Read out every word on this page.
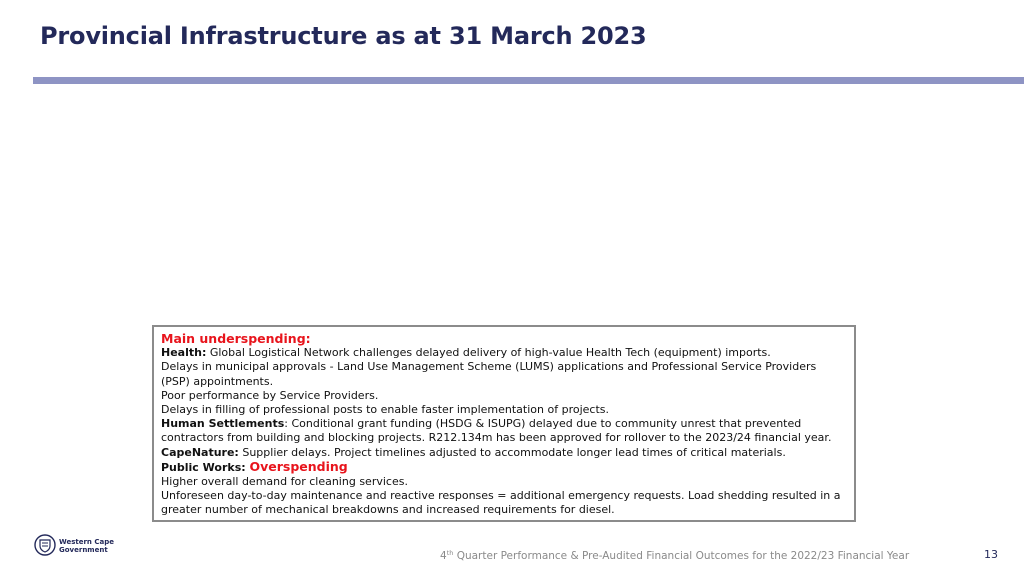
Provincial Infrastructure as at 31 March 2023
Main underspending:
Health: Global Logistical Network challenges delayed delivery of high-value Health Tech (equipment) imports.
Delays in municipal approvals - Land Use Management Scheme (LUMS) applications and Professional Service Providers
(PSP) appointments.
Poor performance by Service Providers.
Delays in filling of professional posts to enable faster implementation of projects.
Human Settlements: Conditional grant funding (HSDG & ISUPG) delayed due to community unrest that prevented
contractors from building and blocking projects. R212.134m has been approved for rollover to the 2023/24 financial year.
CapeNature: Supplier delays. Project timelines adjusted to accommodate longer lead times of critical materials.
Public Works: Overspending
Higher overall demand for cleaning services.
Unforeseen day-to-day maintenance and reactive responses = additional emergency requests. Load shedding resulted in a
greater number of mechanical breakdowns and increased requirements for diesel.
Western Cape
Government	4th Quarter Performance & Pre-Audited Financial Outcomes for the 2022/23 Financial Year	13
